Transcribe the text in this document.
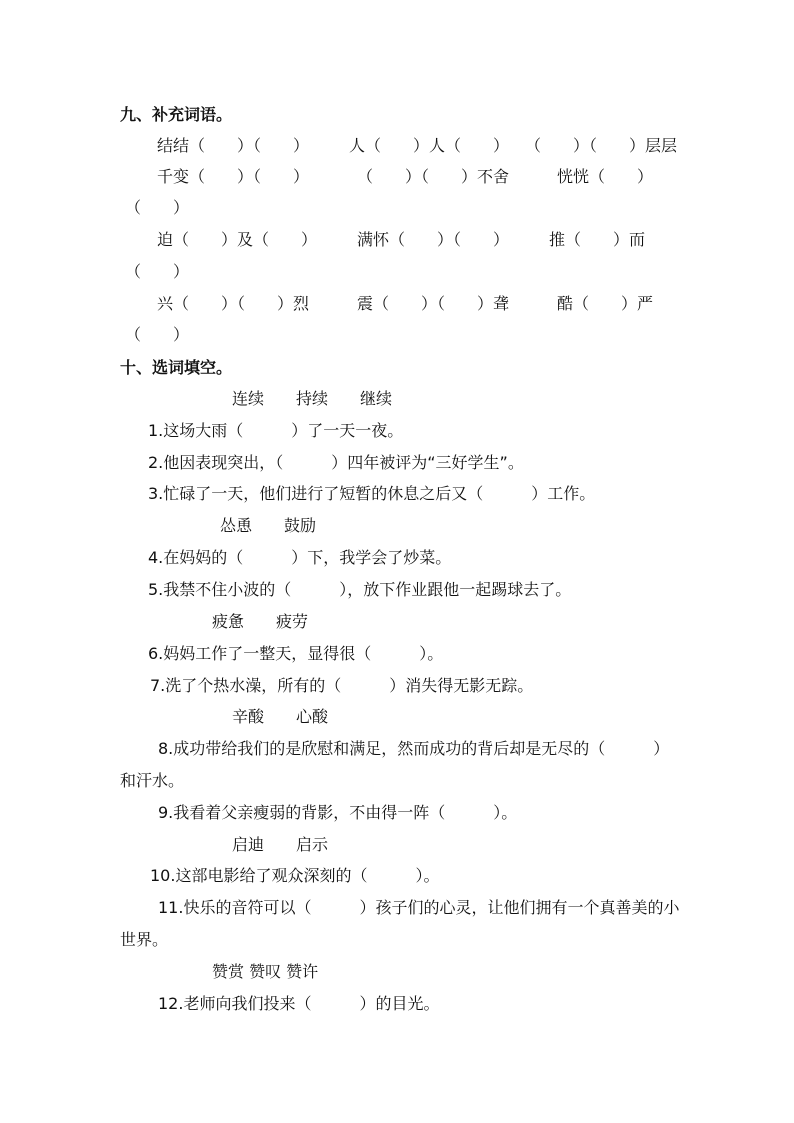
九、补充词语。
结结（　　）（　　）　　　人（　　）人（　　）　　（　　）（　　）层层
千变（　　）（　　）　　　　（　　）（　　）不舍　　　恍恍（　　）
（　　）
迫（　　）及（　　）　　　满怀（　　）（　　）　　　推（　　）而
（　　）
兴（　　）（　　）烈　　　震（　　）（　　）聋　　　酷（　　）严
（　　）
十、选词填空。
连续　　持续　　继续
1.这场大雨（　　　）了一天一夜。
2.他因表现突出，（　　　）四年被评为“三好学生”。
3.忙碌了一天，他们进行了短暂的休息之后又（　　　）工作。
怂恿　　鼓励
4.在妈妈的（　　　）下，我学会了炒菜。
5.我禁不住小波的（　　　），放下作业跟他一起踢球去了。
疲惫　　疲劳
6.妈妈工作了一整天，显得很（　　　）。
7.洗了个热水澡，所有的（　　　）消失得无影无踪。
辛酸　　心酸
8.成功带给我们的是欣慰和满足，然而成功的背后却是无尽的（　　　）
和汗水。
9.我看着父亲瘦弱的背影，不由得一阵（　　　）。
启迪　　启示
10.这部电影给了观众深刻的（　　　）。
11.快乐的音符可以（　　　）孩子们的心灵，让他们拥有一个真善美的小
世界。
赞赏 赞叹 赞许
12.老师向我们投来（　　　）的目光。
